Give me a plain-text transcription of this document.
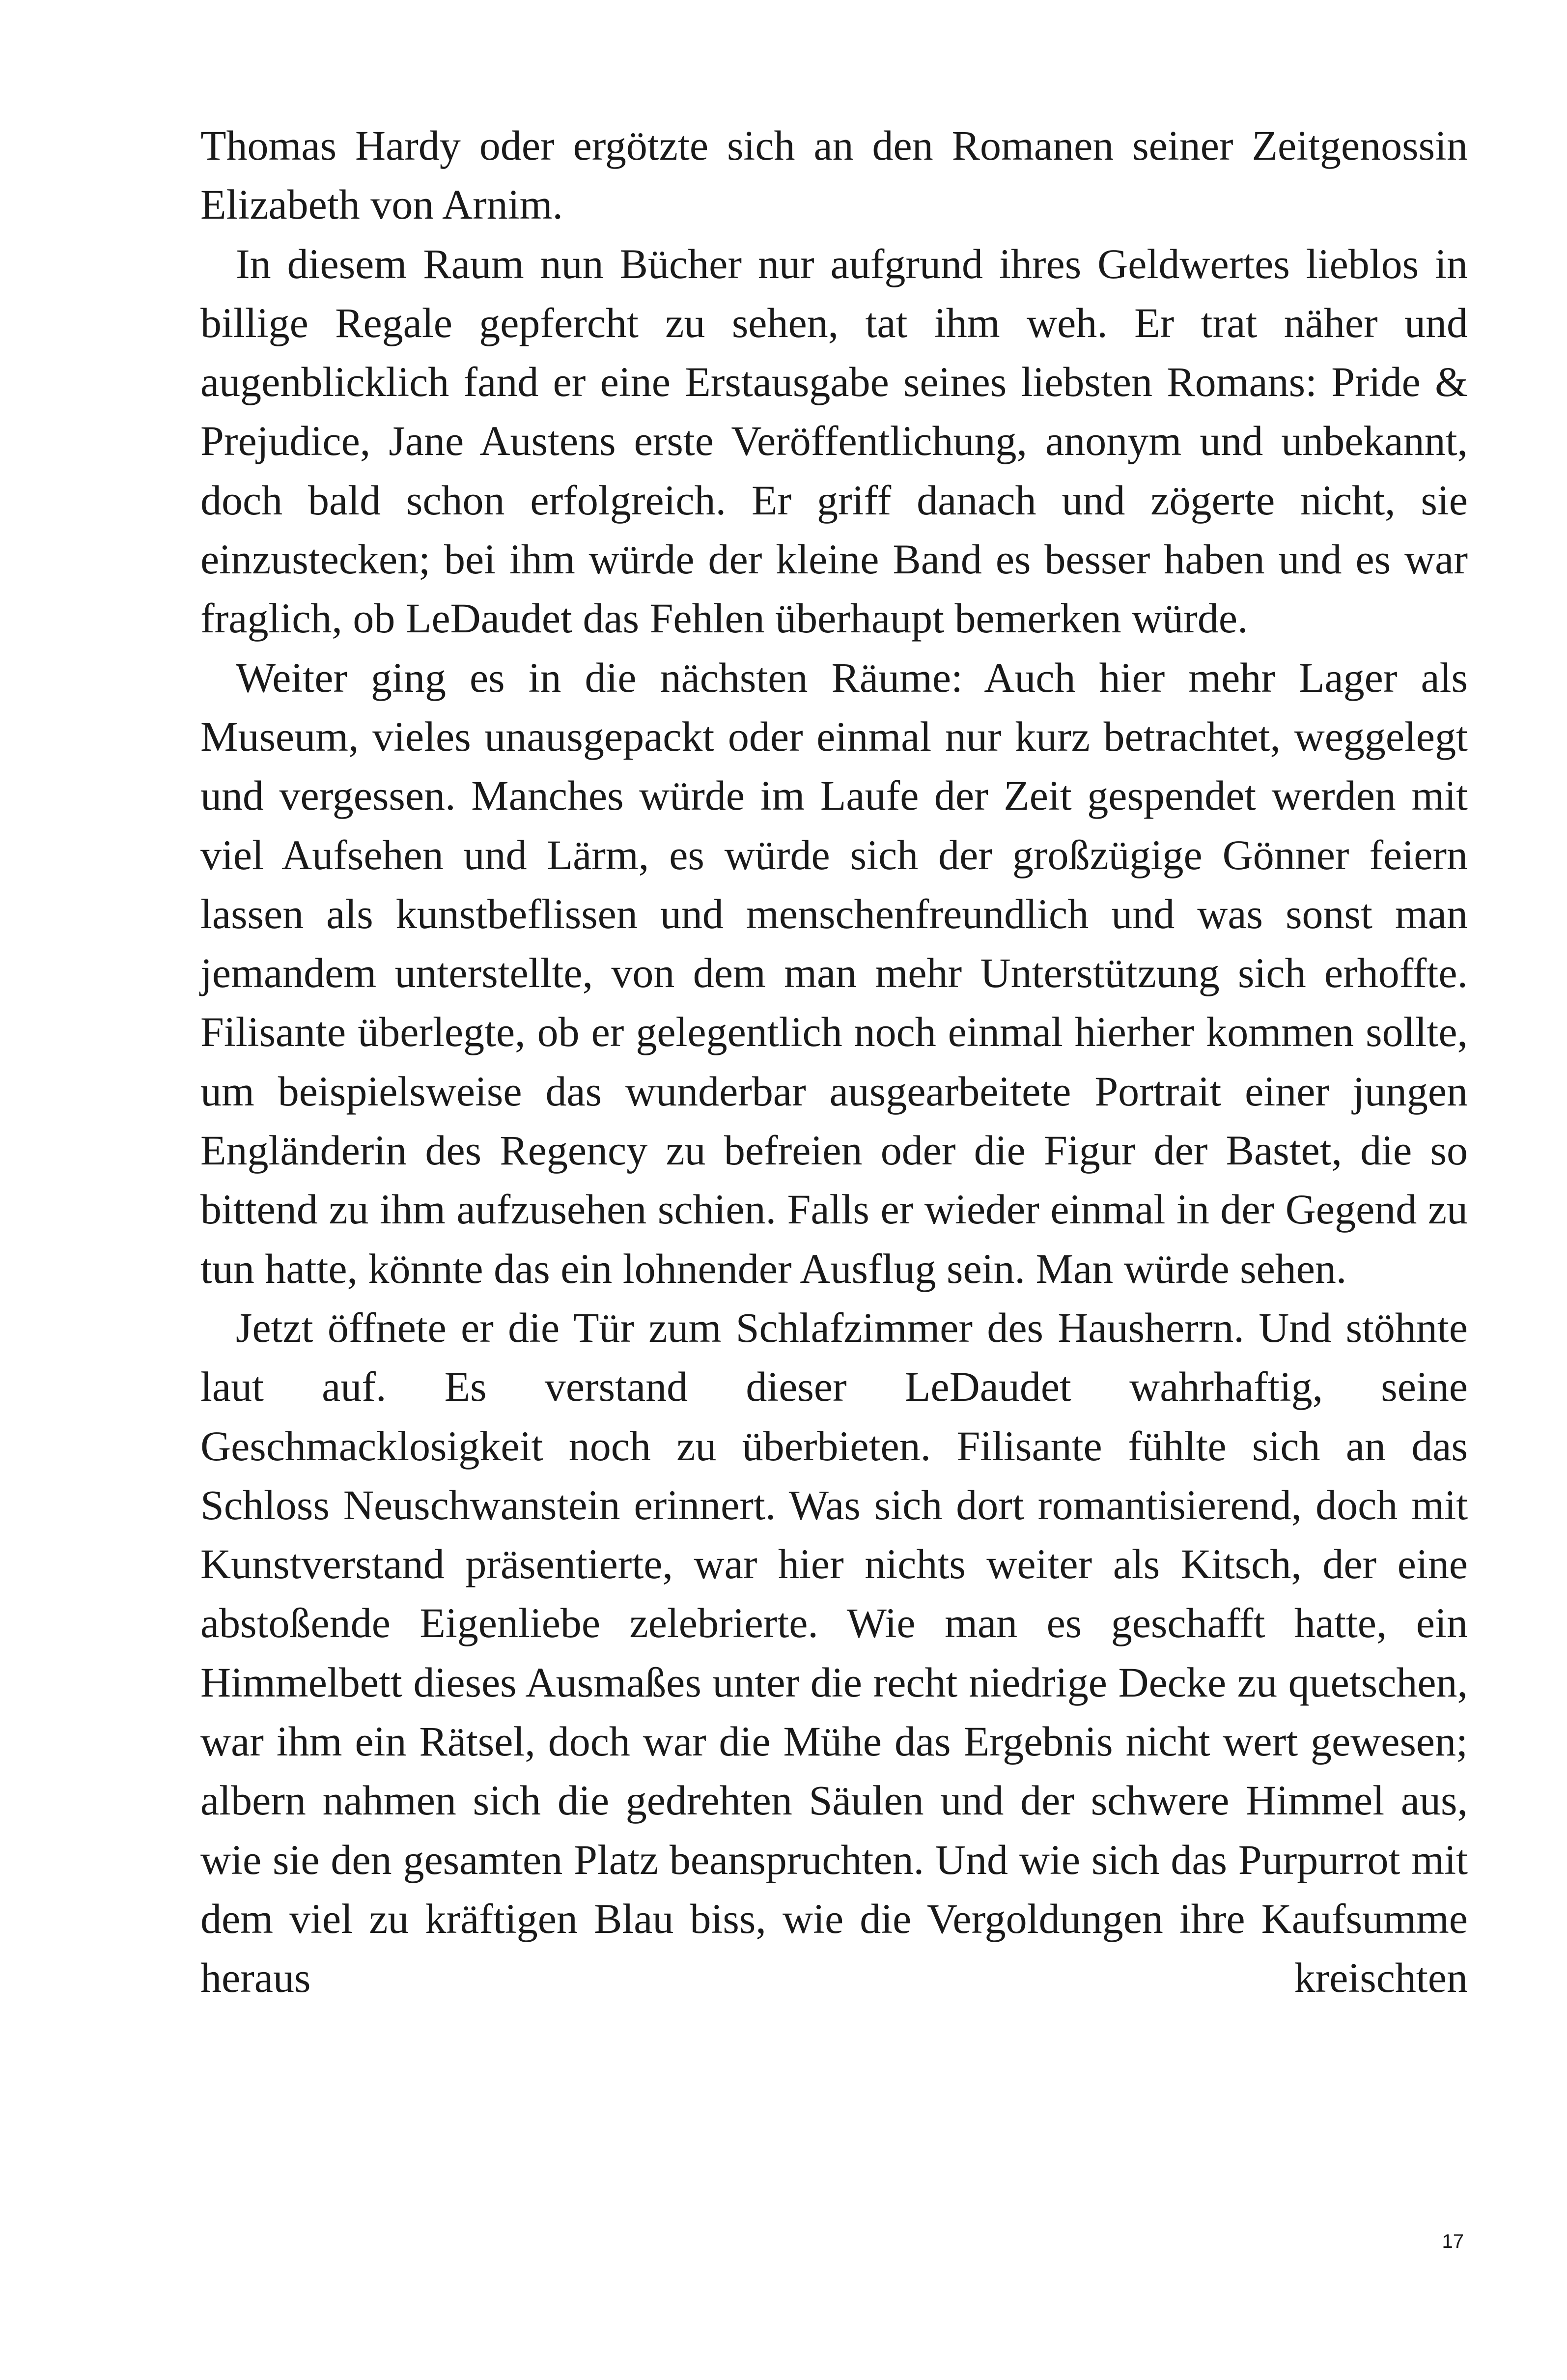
Thomas Hardy oder ergötzte sich an den Romanen seiner Zeitgenossin Elizabeth von Arnim.

In diesem Raum nun Bücher nur aufgrund ihres Geldwertes lieblos in billige Regale gepfercht zu sehen, tat ihm weh. Er trat näher und augenblicklich fand er eine Erstausgabe seines liebsten Romans: Pride & Prejudice, Jane Austens erste Veröffentlichung, anonym und unbekannt, doch bald schon erfolgreich. Er griff danach und zögerte nicht, sie einzustecken; bei ihm würde der kleine Band es besser haben und es war fraglich, ob LeDaudet das Fehlen überhaupt bemerken würde.

Weiter ging es in die nächsten Räume: Auch hier mehr Lager als Museum, vieles unausgepackt oder einmal nur kurz betrachtet, weggelegt und vergessen. Manches würde im Laufe der Zeit gespendet werden mit viel Aufsehen und Lärm, es würde sich der großzügige Gönner feiern lassen als kunstbeflissen und menschenfreundlich und was sonst man jemandem unterstellte, von dem man mehr Unterstützung sich erhoffte. Filisante überlegte, ob er gelegentlich noch einmal hierher kommen sollte, um beispielsweise das wunderbar ausgearbeitete Portrait einer jungen Engländerin des Regency zu befreien oder die Figur der Bastet, die so bittend zu ihm aufzusehen schien. Falls er wieder einmal in der Gegend zu tun hatte, könnte das ein lohnender Ausflug sein. Man würde sehen.

Jetzt öffnete er die Tür zum Schlafzimmer des Hausherrn. Und stöhnte laut auf. Es verstand dieser LeDaudet wahrhaftig, seine Geschmacklosigkeit noch zu überbieten. Filisante fühlte sich an das Schloss Neuschwanstein erinnert. Was sich dort romantisierend, doch mit Kunstverstand präsentierte, war hier nichts weiter als Kitsch, der eine abstoßende Eigenliebe zelebrierte. Wie man es geschafft hatte, ein Himmelbett dieses Ausmaßes unter die recht niedrige Decke zu quetschen, war ihm ein Rätsel, doch war die Mühe das Ergebnis nicht wert gewesen; albern nahmen sich die gedrehten Säulen und der schwere Himmel aus, wie sie den gesamten Platz beanspruchten. Und wie sich das Purpurrot mit dem viel zu kräftigen Blau biss, wie die Vergoldungen ihre Kaufsumme heraus kreischten

17
